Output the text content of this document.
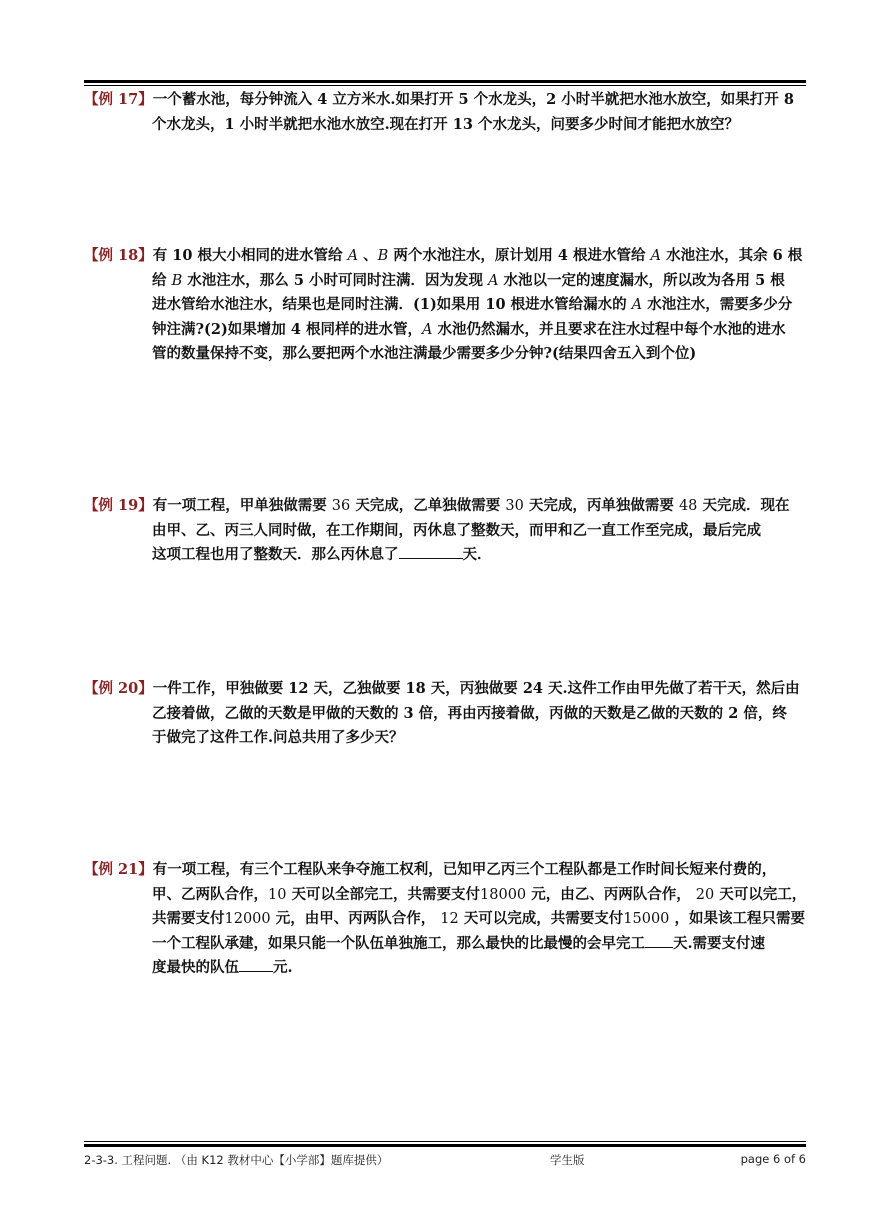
【例 17】一个蓄水池，每分钟流入 4 立方米水.如果打开 5 个水龙头，2 小时半就把水池水放空，如果打开 8
个水龙头，1 小时半就把水池水放空.现在打开 13 个水龙头，问要多少时间才能把水放空？
【例 18】有 10 根大小相同的进水管给 A 、B 两个水池注水，原计划用 4 根进水管给 A 水池注水，其余 6 根
给 B 水池注水，那么 5 小时可同时注满．因为发现 A 水池以一定的速度漏水，所以改为各用 5 根
进水管给水池注水，结果也是同时注满．(1)如果用 10 根进水管给漏水的 A 水池注水，需要多少分
钟注满?(2)如果增加 4 根同样的进水管，A 水池仍然漏水，并且要求在注水过程中每个水池的进水
管的数量保持不变，那么要把两个水池注满最少需要多少分钟?(结果四舍五入到个位)
【例 19】有一项工程，甲单独做需要 36 天完成，乙单独做需要 30 天完成，丙单独做需要 48 天完成．现在
由甲、乙、丙三人同时做，在工作期间，丙休息了整数天，而甲和乙一直工作至完成，最后完成
这项工程也用了整数天．那么丙休息了	天．
【例 20】一件工作，甲独做要 12 天，乙独做要 18 天，丙独做要 24 天.这件工作由甲先做了若干天，然后由
乙接着做，乙做的天数是甲做的天数的 3 倍，再由丙接着做，丙做的天数是乙做的天数的 2 倍，终
于做完了这件工作.问总共用了多少天？
【例 21】有一项工程，有三个工程队来争夺施工权利，已知甲乙丙三个工程队都是工作时间长短来付费的，
甲、乙两队合作，10 天可以全部完工，共需要支付18000 元，由乙、丙两队合作， 20 天可以完工，
共需要支付12000 元，由甲、丙两队合作， 12 天可以完成，共需要支付15000 ，如果该工程只需要
一个工程队承建，如果只能一个队伍单独施工，那么最快的比最慢的会早完工 天.需要支付速
度最快的队伍 元.
2-3-3. 工程问题. （由 K12 教材中心【小学部】题库提供）	学生版	page 6 of 6
